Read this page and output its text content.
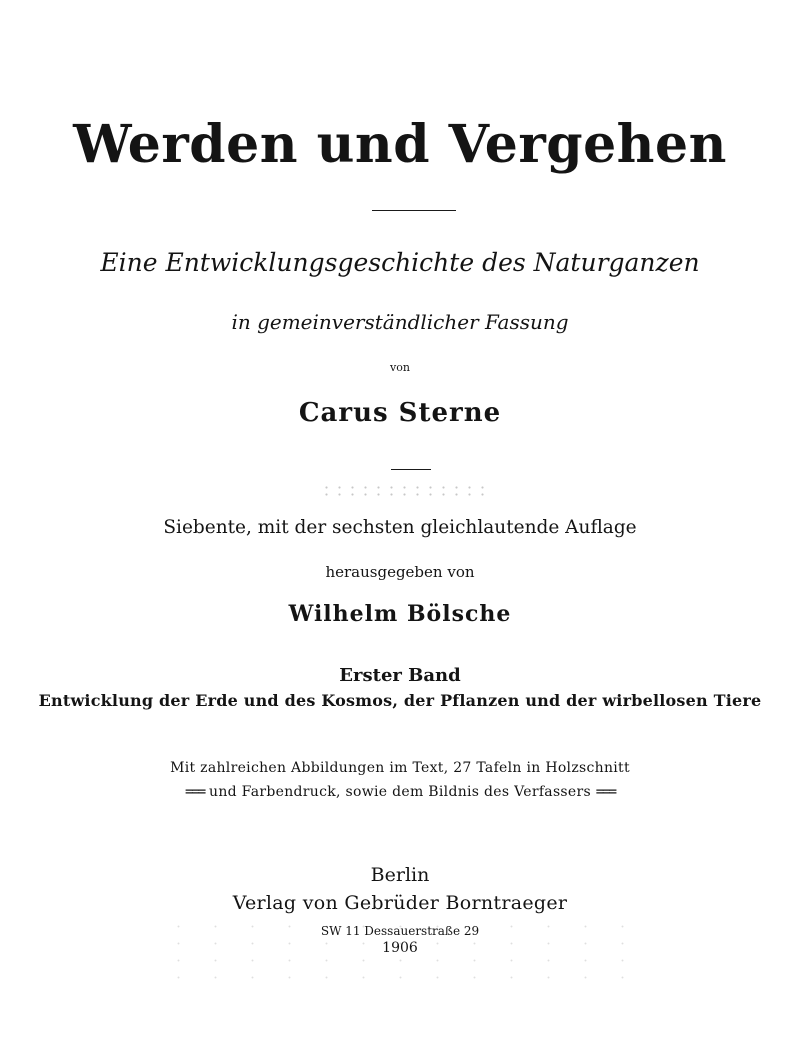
Werden und Vergehen
Eine Entwicklungsgeschichte des Naturganzen
in gemeinverständlicher Fassung
von
Carus Sterne
Siebente, mit der sechsten gleichlautende Auflage
herausgegeben von
Wilhelm Bölsche
Erster Band
Entwicklung der Erde und des Kosmos, der Pflanzen und der wirbellosen Tiere
Mit zahlreichen Abbildungen im Text, 27 Tafeln in Holzschnitt
=== und Farbendruck, sowie dem Bildnis des Verfassers ===
Berlin
Verlag von Gebrüder Borntraeger
SW 11 Dessauerstraße 29
1906
